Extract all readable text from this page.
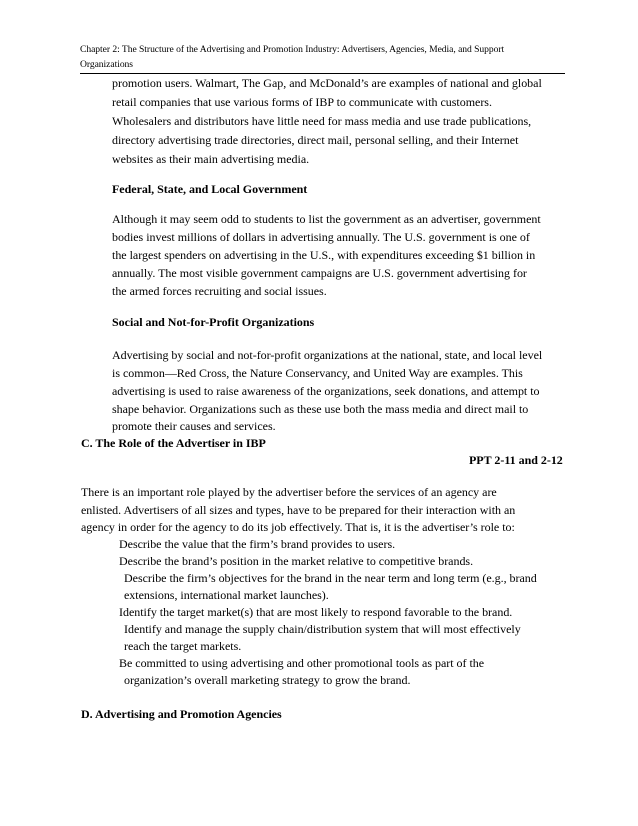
Chapter 2: The Structure of the Advertising and Promotion Industry: Advertisers, Agencies, Media, and Support
Organizations
promotion users. Walmart, The Gap, and McDonald’s are examples of national and global
retail companies that use various forms of IBP to communicate with customers.
Wholesalers and distributors have little need for mass media and use trade publications,
directory advertising trade directories, direct mail, personal selling, and their Internet
websites as their main advertising media.
Federal, State, and Local Government
Although it may seem odd to students to list the government as an advertiser, government
bodies invest millions of dollars in advertising annually. The U.S. government is one of
the largest spenders on advertising in the U.S., with expenditures exceeding $1 billion in
annually. The most visible government campaigns are U.S. government advertising for
the armed forces recruiting and social issues.
Social and Not-for-Profit Organizations
Advertising by social and not-for-profit organizations at the national, state, and local level
is common—Red Cross, the Nature Conservancy, and United Way are examples. This
advertising is used to raise awareness of the organizations, seek donations, and attempt to
shape behavior. Organizations such as these use both the mass media and direct mail to
promote their causes and services.
C. The Role of the Advertiser in IBP
PPT 2-11 and 2-12
There is an important role played by the advertiser before the services of an agency are
enlisted. Advertisers of all sizes and types, have to be prepared for their interaction with an
agency in order for the agency to do its job effectively. That is, it is the advertiser’s role to:
Describe the value that the firm’s brand provides to users.
Describe the brand’s position in the market relative to competitive brands.
Describe the firm’s objectives for the brand in the near term and long term (e.g., brand
extensions, international market launches).
Identify the target market(s) that are most likely to respond favorable to the brand.
Identify and manage the supply chain/distribution system that will most effectively
reach the target markets.
Be committed to using advertising and other promotional tools as part of the
organization’s overall marketing strategy to grow the brand.
D. Advertising and Promotion Agencies
